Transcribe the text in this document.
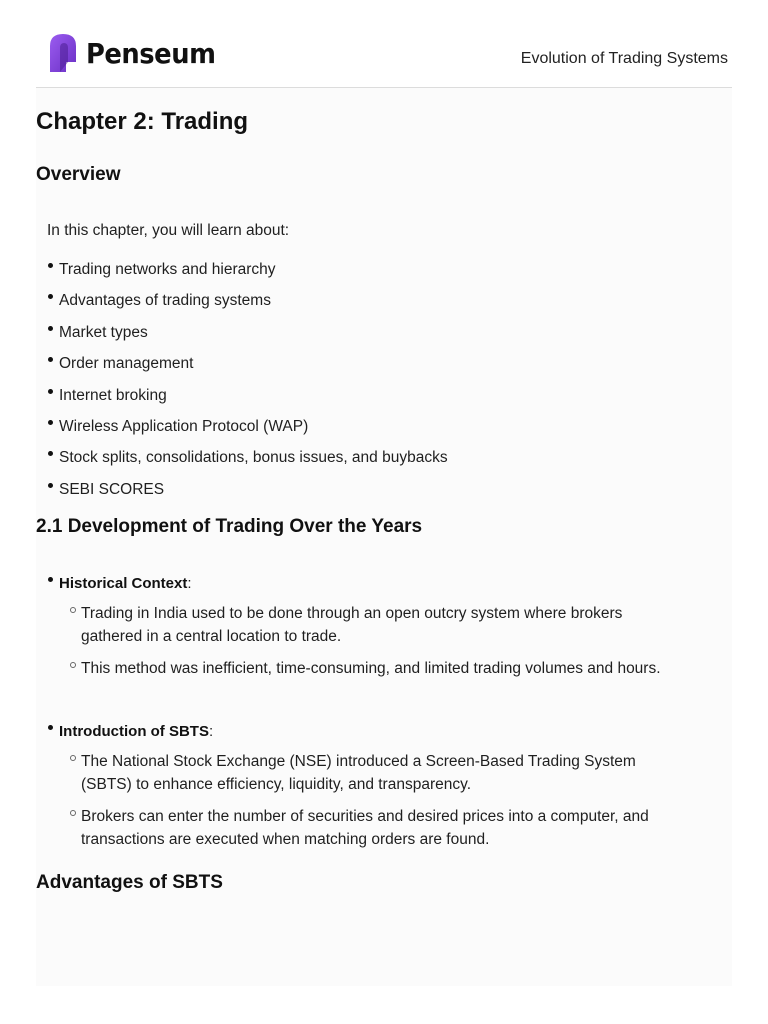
Penseum	Evolution of Trading Systems
Chapter 2: Trading
Overview

In this chapter, you will learn about:

Trading networks and hierarchy
Advantages of trading systems
Market types
Order management
Internet broking
Wireless Application Protocol (WAP)
Stock splits, consolidations, bonus issues, and buybacks
SEBI SCORES
2.1 Development of Trading Over the Years
Historical Context:
Trading in India used to be done through an open outcry system where brokers gathered in a central location to trade.
This method was inefficient, time-consuming, and limited trading volumes and hours.
Introduction of SBTS:
The National Stock Exchange (NSE) introduced a Screen-Based Trading System (SBTS) to enhance efficiency, liquidity, and transparency.
Brokers can enter the number of securities and desired prices into a computer, and transactions are executed when matching orders are found.
Advantages of SBTS
